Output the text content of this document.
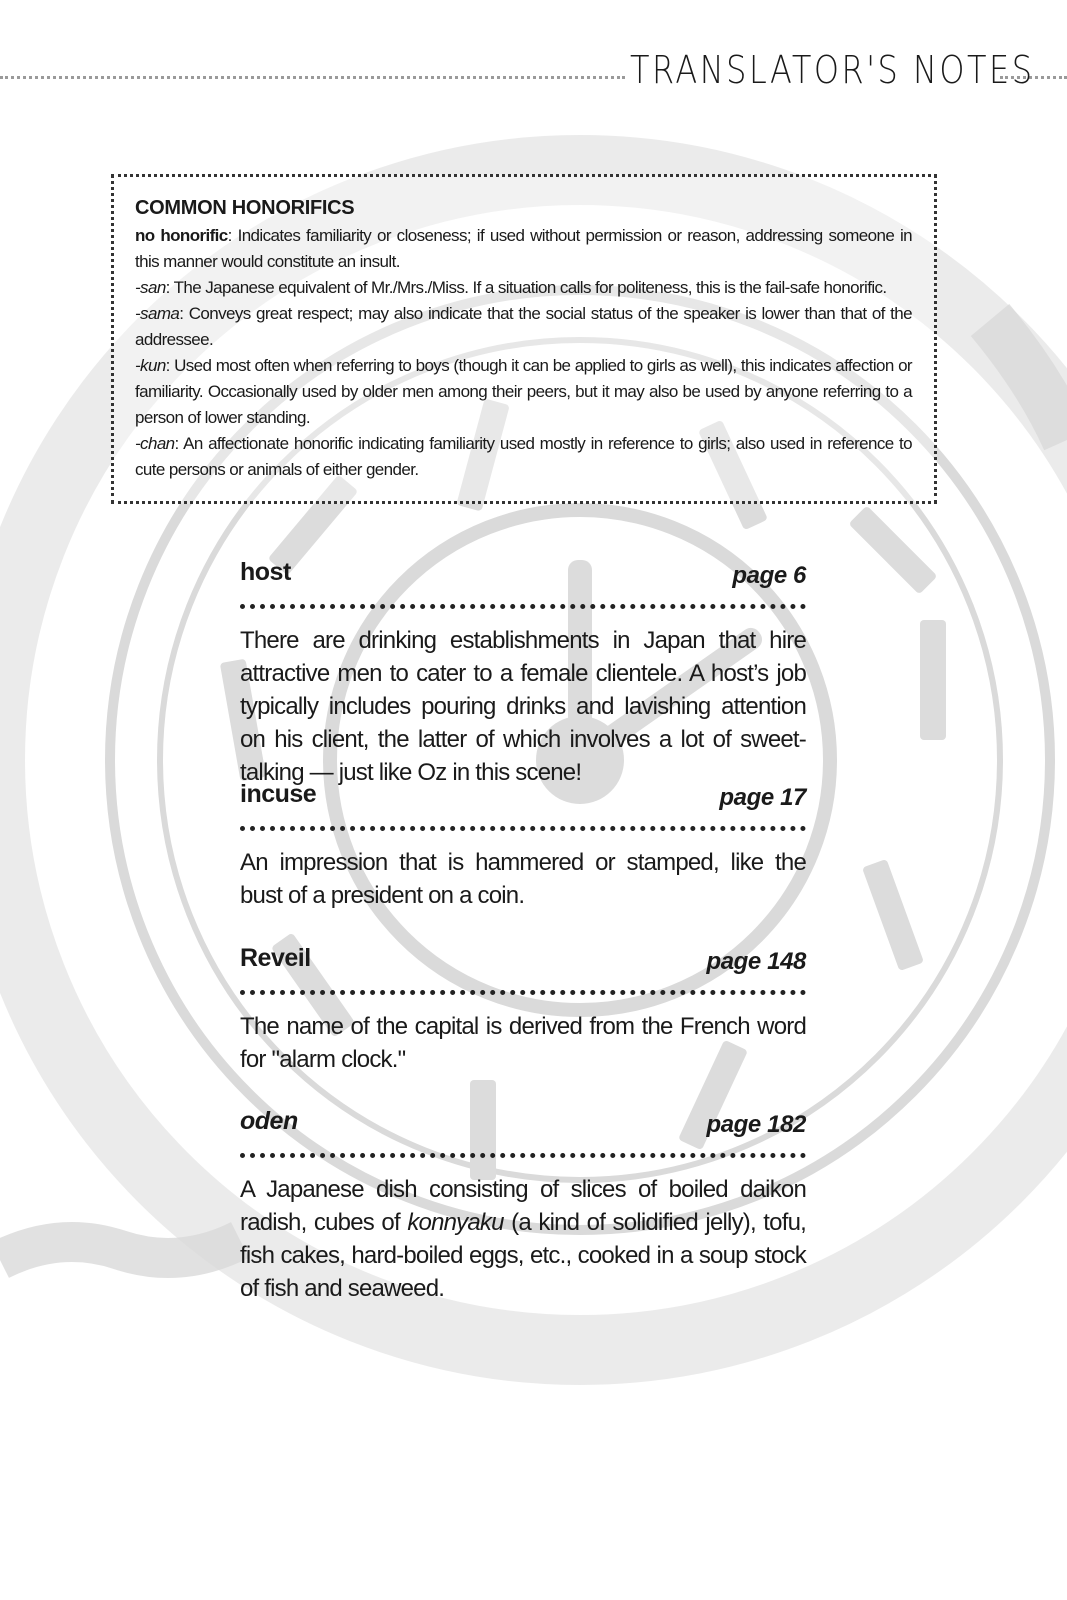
TRANSLATOR'S NOTES
COMMON HONORIFICS
no honorific: Indicates familiarity or closeness; if used without permission or reason, addressing someone in this manner would constitute an insult.
-san: The Japanese equivalent of Mr./Mrs./Miss. If a situation calls for politeness, this is the fail-safe honorific.
-sama: Conveys great respect; may also indicate that the social status of the speaker is lower than that of the addressee.
-kun: Used most often when referring to boys (though it can be applied to girls as well), this indicates affection or familiarity. Occasionally used by older men among their peers, but it may also be used by anyone referring to a person of lower standing.
-chan: An affectionate honorific indicating familiarity used mostly in reference to girls; also used in reference to cute persons or animals of either gender.
host	page 6
There are drinking establishments in Japan that hire attractive men to cater to a female clientele. A host’s job typically includes pouring drinks and lavishing attention on his client, the latter of which involves a lot of sweet-talking — just like Oz in this scene!
incuse	page 17
An impression that is hammered or stamped, like the bust of a president on a coin.
Reveil	page 148
The name of the capital is derived from the French word for "alarm clock."
oden	page 182
A Japanese dish consisting of slices of boiled daikon radish, cubes of konnyaku (a kind of solidified jelly), tofu, fish cakes, hard-boiled eggs, etc., cooked in a soup stock of fish and seaweed.
